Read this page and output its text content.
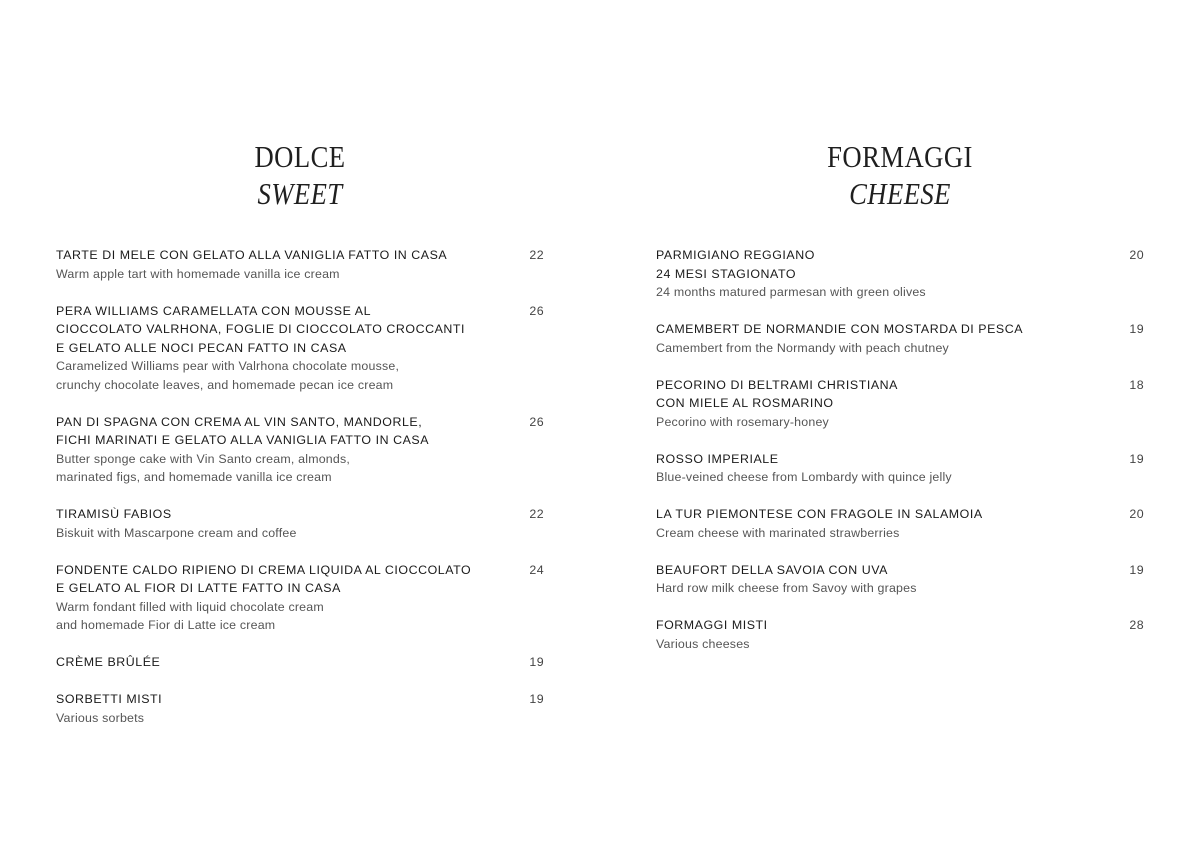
DOLCE
SWEET
TARTE DI MELE CON GELATO ALLA VANIGLIA FATTO IN CASA
Warm apple tart with homemade vanilla ice cream
22
PERA WILLIAMS CARAMELLATA CON MOUSSE AL
CIOCCOLATO VALRHONA, FOGLIE DI CIOCCOLATO CROCCANTI
E GELATO ALLE NOCI PECAN FATTO IN CASA
Caramelized Williams pear with Valrhona chocolate mousse,
crunchy chocolate leaves, and homemade pecan ice cream
26
PAN DI SPAGNA CON CREMA AL VIN SANTO, MANDORLE,
FICHI MARINATI E GELATO ALLA VANIGLIA FATTO IN CASA
Butter sponge cake with Vin Santo cream, almonds,
marinated figs, and homemade vanilla ice cream
26
TIRAMISÙ FABIOS
Biskuit with Mascarpone cream and coffee
22
FONDENTE CALDO RIPIENO DI CREMA LIQUIDA AL CIOCCOLATO
E GELATO AL FIOR DI LATTE FATTO IN CASA
Warm fondant filled with liquid chocolate cream
and homemade Fior di Latte ice cream
24
CRÈME BRÛLÉE	19
SORBETTI MISTI
Various sorbets
19
FORMAGGI
CHEESE
PARMIGIANO REGGIANO
24 MESI STAGIONATO
24 months matured parmesan with green olives
20
CAMEMBERT DE NORMANDIE CON MOSTARDA DI PESCA
Camembert from the Normandy with peach chutney
19
PECORINO DI BELTRAMI CHRISTIANA
CON MIELE AL ROSMARINO
Pecorino with rosemary-honey
18
ROSSO IMPERIALE
Blue-veined cheese from Lombardy with quince jelly
19
LA TUR PIEMONTESE CON FRAGOLE IN SALAMOIA
Cream cheese with marinated strawberries
20
BEAUFORT DELLA SAVOIA CON UVA
Hard row milk cheese from Savoy with grapes
19
FORMAGGI MISTI
Various cheeses
28
